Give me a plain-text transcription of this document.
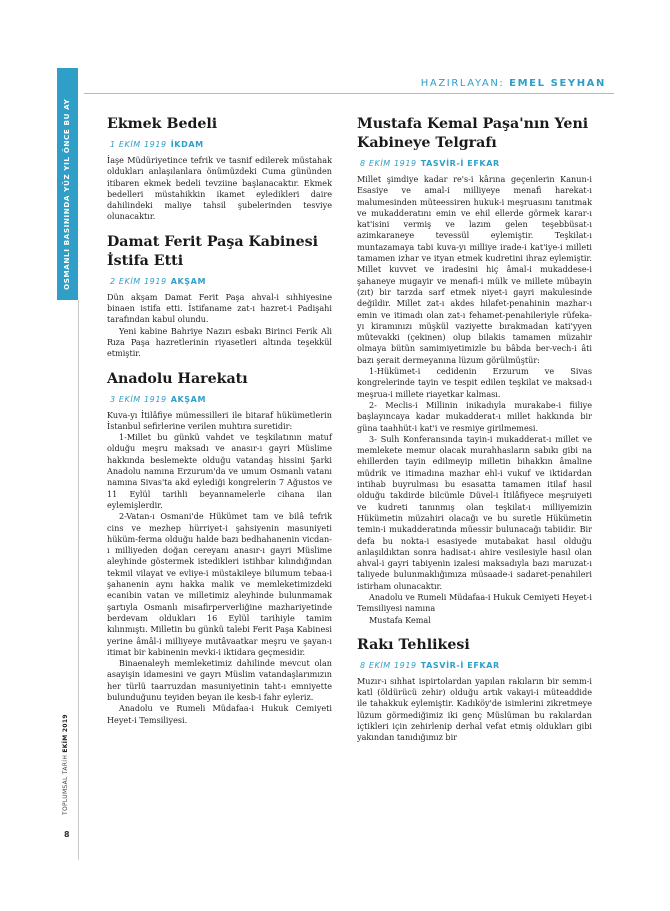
OSMANLI BASININDA YÜZ YIL ÖNCE BU AY
TOPLUMSAL TARİH EKİM 2019
8
HAZIRLAYAN: EMEL SEYHAN
Ekmek Bedeli
1 EKİM 1919 İKDAM

İaşe Müdüriyetince tefrik ve tasnif edilerek müstahak oldukları anlaşılanlara önümüzdeki Cuma gününden itibaren ekmek bedeli tevziine başlanacaktır. Ekmek bedelleri müstahikkin ikamet eyledikleri daire dahilindeki maliye tahsil şubelerinden tesviye olunacaktır.

Damat Ferit Paşa Kabinesi İstifa Etti
2 EKİM 1919 AKŞAM

Dün akşam Damat Ferit Paşa ahval-i sıhhiyesine binaen istifa etti. İstifaname zat-ı hazret-i Padişahi tarafından kabul olundu.

Yeni kabine Bahriye Nazırı esbakı Birinci Ferik Ali Rıza Paşa hazretlerinin riyasetleri altında teşekkül etmiştir.

Anadolu Harekatı
3 EKİM 1919 AKŞAM

Kuva-yı İtilâfiye mümessilleri ile bitaraf hükümetlerin İstanbul sefirlerine verilen muhtıra suretidir:

1-Millet bu günkü vahdet ve teşkilatının matuf olduğu meşru maksadı ve anasır-ı gayri Müslime hakkında beslemekte olduğu vatandaş hissini Şarki Anadolu namına Erzurum'da ve umum Osmanlı vatanı namına Sivas'ta akd eylediği kongrelerin 7 Ağustos ve 11 Eylül tarihli beyannamelerle cihana ilan eylemişlerdir.

2-Vatan-ı Osmani'de Hükümet tam ve bilâ tefrik cins ve mezhep hürriyet-i şahsiyenin masuniyeti hüküm-ferma olduğu halde bazı bedhahanenin vicdan-ı milliyeden doğan cereyanı anasır-ı gayri Müslime aleyhinde göstermek istedikleri istihbar kılındığından tekmil vilayat ve evliye-i müstakileye bilumum tebaa-i şahanenin aynı hakka malik ve memleketimizdeki ecanibin vatan ve milletimiz aleyhinde bulunmamak şartıyla Osmanlı misafirperverliğine mazhariyetinde berdevam oldukları 16 Eylül tarihiyle tamim kılınmıştı. Milletin bu günkü talebi Ferit Paşa Kabinesi yerine âmâl-i milliyeye mutâvaatkar meşru ve şayan-ı itimat bir kabinenin mevki-i iktidara geçmesidir.

Binaenaleyh memleketimiz dahilinde mevcut olan asayişin idamesini ve gayrı Müslim vatandaşlarımızın her türlü taarruzdan masuniyetinin taht-ı emniyette bulunduğunu teyiden beyan ile kesb-i fahr eyleriz.

Anadolu ve Rumeli Müdafaa-i Hukuk Cemiyeti Heyet-i Temsiliyesi.

Mustafa Kemal Paşa'nın Yeni Kabineye Telgrafı
8 EKİM 1919 TASVİR-İ EFKAR

Millet şimdiye kadar re's-i kârına geçenlerin Kanun-i Esasiye ve amal-i milliyeye menafi harekat-ı malumesinden müteessiren hukuk-i meşruasını tanıtmak ve mukadderatını emin ve ehil ellerde görmek karar-ı kat'isini vermiş ve lazım gelen teşebbüsat-ı azimkaraneye tevessül eylemiştir. Teşkilat-ı muntazamaya tabi kuva-yı milliye irade-i kat'iye-i milleti tamamen izhar ve ityan etmek kudretini ihraz eylemiştir. Millet kuvvet ve iradesini hiç âmal-i mukaddese-i şahaneye mugayir ve menafi-i mülk ve millete mübayin (zıt) bir tarzda sarf etmek niyet-i gayri makulesinde değildir. Millet zat-ı akdes hilafet-penahinin mazhar-ı emin ve itimadı olan zat-ı fehamet-penahileriyle rüfeka-yı kiramınızı müşkül vaziyette bırakmadan kati'yyen mütevakki (çekinen) olup bilakis tamamen müzahir olmaya bütün samimiyetimizle bu bâbda ber-vech-i âti bazı şerait dermeyanına lüzum görülmüştür:

1-Hükümet-i cedidenin Erzurum ve Sivas kongrelerinde tayin ve tespit edilen teşkilat ve maksad-ı meşrua-i millete riayetkar kalması.

2- Meclis-i Millinin inikadıyla murakabe-i fiiliye başlayıncaya kadar mukadderat-ı millet hakkında bir güna taahhüt-i kat'i ve resmiye girilmemesi.

3- Sulh Konferansında tayin-i mukadderat-ı millet ve memlekete memur olacak murahhasların sabıkı gibi na ehillerden tayin edilmeyip milletin bihakkın âmaline müdrik ve itimadına mazhar ehl-i vukuf ve iktidardan intihab buyrulması bu esasatta tamamen itilaf hasıl olduğu takdirde bilcümle Düvel-i İtilâfiyece meşruiyeti ve kudreti tanınmış olan teşkilat-ı milliyemizin Hükümetin müzahiri olacağı ve bu suretle Hükümetin temin-i mukadderatında müessir bulunacağı tabiidir. Bir defa bu nokta-i esasiyede mutabakat hasıl olduğu anlaşıldıktan sonra hadisat-ı ahire vesilesiyle hasıl olan ahval-i gayri tabiyenin izalesi maksadıyla bazı maruzat-ı taliyede bulunmaklığımıza müsaade-i sadaret-penahileri istirham olunacaktır.

Anadolu ve Rumeli Müdafaa-i Hukuk Cemiyeti Heyet-i Temsiliyesi namına

Mustafa Kemal

Rakı Tehlikesi
8 EKİM 1919 TASVİR-İ EFKAR

Muzır-ı sıhhat ispirtolardan yapılan rakıların bir semm-i katl (öldürücü zehir) olduğu artık vakayi-i müteaddide ile tahakkuk eylemiştir. Kadıköy'de isimlerini zikretmeye lüzum görmediğimiz iki genç Müslüman bu rakılardan içtikleri için zehirlenip derhal vefat etmiş oldukları gibi yakından tanıdığımız bir
